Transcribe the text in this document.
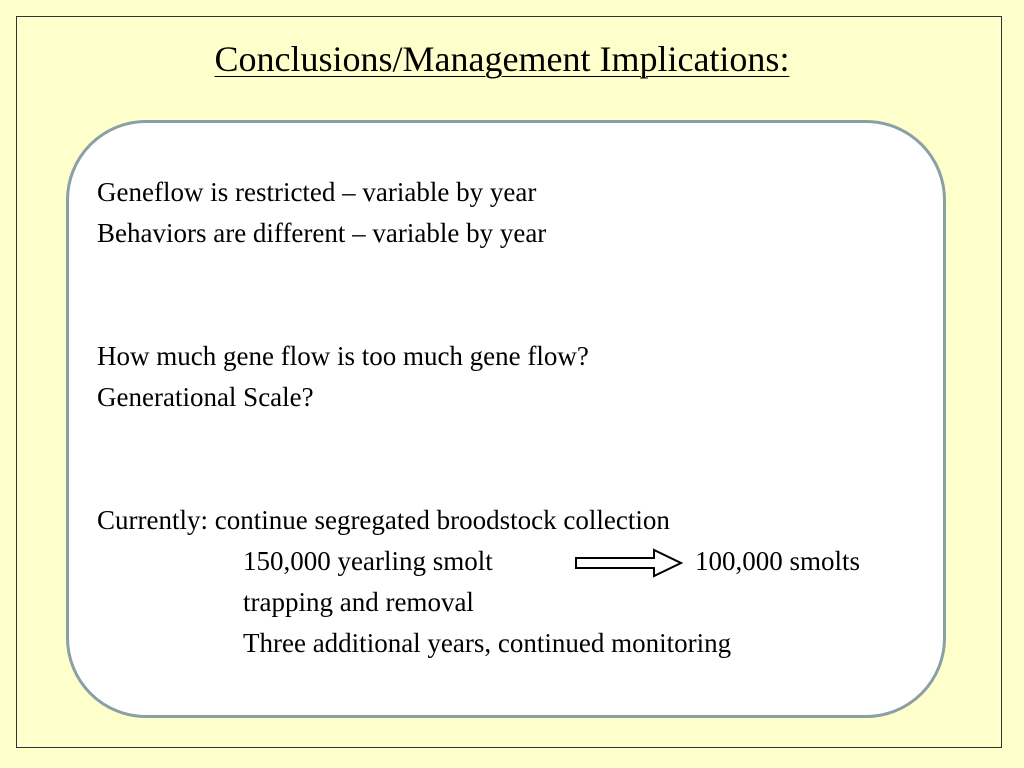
Conclusions/Management Implications:
Geneflow is restricted – variable by year
Behaviors are different – variable by year
How much gene flow is too much gene flow?
Generational Scale?
Currently: continue segregated broodstock collection
150,000 yearling smolt	100,000 smolts
trapping and removal
Three additional years, continued monitoring
